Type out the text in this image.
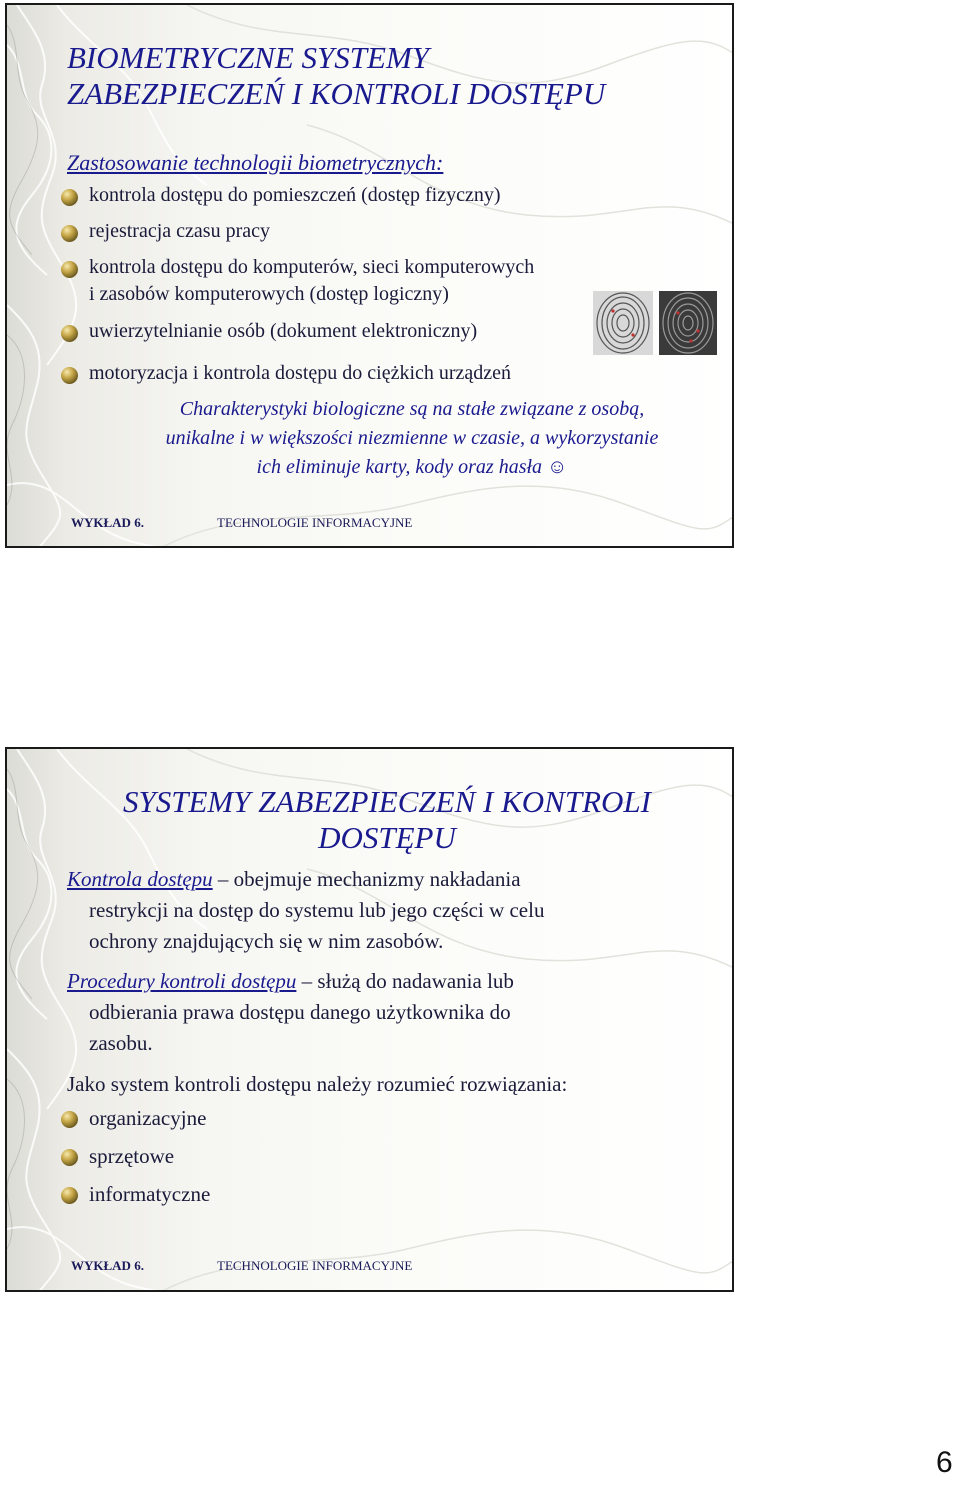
BIOMETRYCZNE SYSTEMY
ZABEZPIECZEŃ I KONTROLI DOSTĘPU
Zastosowanie technologii biometrycznych:
kontrola dostępu do pomieszczeń (dostęp fizyczny)
rejestracja czasu pracy
kontrola dostępu do komputerów, sieci komputerowych
i zasobów komputerowych (dostęp logiczny)
uwierzytelnianie osób (dokument elektroniczny)
motoryzacja i kontrola dostępu do ciężkich urządzeń
Charakterystyki biologiczne są na stałe związane z osobą,
unikalne i w większości niezmienne w czasie, a wykorzystanie
ich eliminuje karty, kody oraz hasła ☺
WYKŁAD 6.	TECHNOLOGIE INFORMACYJNE
SYSTEMY ZABEZPIECZEŃ I KONTROLI
DOSTĘPU
Kontrola dostępu – obejmuje mechanizmy nakładania
restrykcji na dostęp do systemu lub jego części w celu
ochrony znajdujących się w nim zasobów.
Procedury kontroli dostępu – służą do nadawania lub
odbierania prawa dostępu danego użytkownika do
zasobu.
Jako system kontroli dostępu należy rozumieć rozwiązania:
organizacyjne
sprzętowe
informatyczne
WYKŁAD 6.	TECHNOLOGIE INFORMACYJNE
6
